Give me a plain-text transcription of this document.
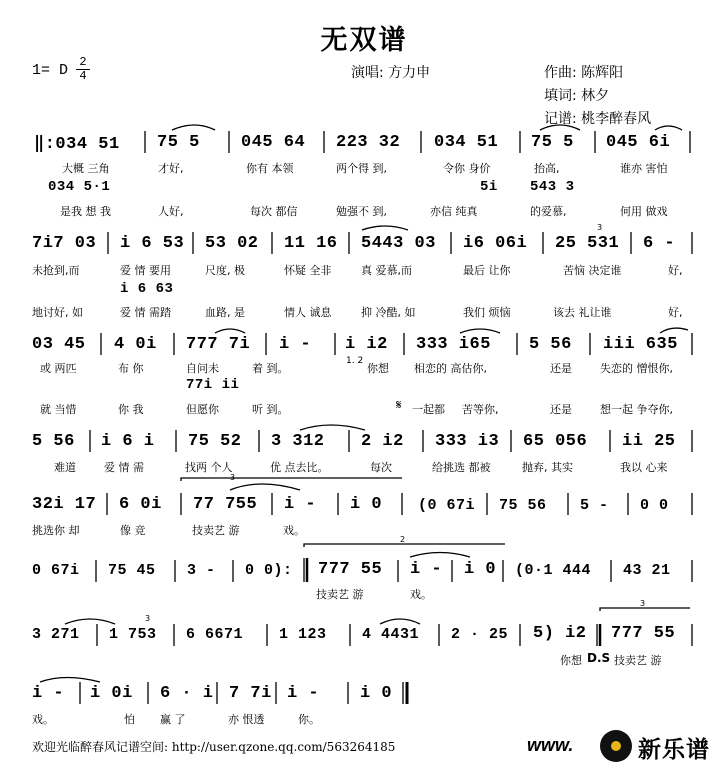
无双谱
1= D 2
4	演唱: 方力申	作曲: 陈辉阳
填词: 林夕
记谱: 桃李醉春风
‖:034 51 75 5 045 64 223 32 034 51 75 5 045 6i
大概 三角	才好,	你有 本领	两个得 到,	令你 身价	抬高,	谁亦 害怕
034 5·1	5i 543 3
是我 想 我	人好,	每次 都信	勉强不 到,	亦信 纯真	的爱慕,	何用 做戏
7i7 03 i 6 53 53 02 11 16 5443 03 i6 06i 25 531 6 -
未抢到,而	爱 情 要用	尺度, 极	怀疑 全非	真 爱慕,而	最后 让你	苦恼 决定谁	好,
i 6 63
地讨好, 如	爱 情 需踏	血路, 是	情人 诚息	抑 冷酷, 如	我们 烦恼	该去 礼让谁	好,
03 45 4 0i 777 7i i - i i2 333 i65 5 56 iii 635
或 两匹	布 你	自问未	着 到。
1. 2
你想 相恋的 高估你,	还是	失恋的 憎恨你,
77i ii
就 当惜	你 我	但愿你	听 到。	𝄋 一起都 苦等你,	还是	想一起 争夺你,
5 56 i 6 i 75 52 3 312 2 i2 333 i3 65 056 ii 25
难道	爱 情 需	找两 个人	优 点去比。	每次	给挑选 都被	抛弃, 其实	我以 心来
32i 17 6 0i 77 755 i - i 0 (0 67i 75 56 5 - 0 0
挑选你 却	像 竞	技卖艺 游	戏。
0 67i 75 45 3 - 0 0): 777 55 i - i 0 (0·1 444 43 21
技卖艺 游	戏。
3 271 1 753 6 6671 1 123 4 4431 2 · 25 5) i2 777 55
你想 D.S 技卖艺 游
i - i 0i 6 · i 7 7i i - i 0
戏。	怕 赢 了	亦 恨透	你。
2
3
3
3
3
欢迎光临醉春风记谱空间: http://user.qzone.qq.com/563264185	www.	新乐谱
